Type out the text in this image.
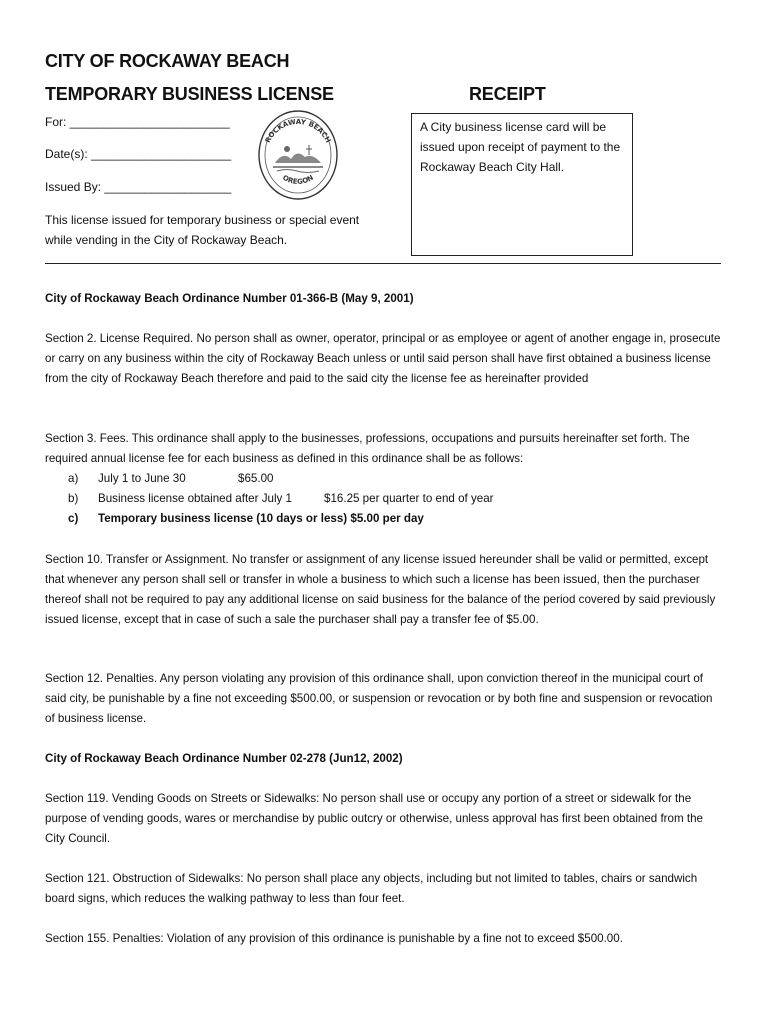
CITY OF ROCKAWAY BEACH
TEMPORARY BUSINESS LICENSE	RECEIPT
For: ________________________
Date(s): _____________________
Issued By: ___________________
ROCKAWAY BEACH
OREGON
A City business license card will be issued upon receipt of payment to the Rockaway Beach City Hall.
This license issued for temporary business or special event
while vending in the City of Rockaway Beach.
City of Rockaway Beach Ordinance Number 01-366-B (May 9, 2001)
Section 2. License Required. No person shall as owner, operator, principal or as employee or agent of another engage in, prosecute or carry on any business within the city of Rockaway Beach unless or until said person shall have first obtained a business license from the city of Rockaway Beach therefore and paid to the said city the license fee as hereinafter provided
Section 3. Fees. This ordinance shall apply to the businesses, professions, occupations and pursuits hereinafter set forth. The required annual license fee for each business as defined in this ordinance shall be as follows:
a) July 1 to June 30	$65.00
b) Business license obtained after July 1	$16.25 per quarter to end of year
c) Temporary business license (10 days or less) $5.00 per day
Section 10. Transfer or Assignment. No transfer or assignment of any license issued hereunder shall be valid or permitted, except that whenever any person shall sell or transfer in whole a business to which such a license has been issued, then the purchaser thereof shall not be required to pay any additional license on said business for the balance of the period covered by said previously issued license, except that in case of such a sale the purchaser shall pay a transfer fee of $5.00.
Section 12. Penalties. Any person violating any provision of this ordinance shall, upon conviction thereof in the municipal court of said city, be punishable by a fine not exceeding $500.00, or suspension or revocation or by both fine and suspension or revocation of business license.
City of Rockaway Beach Ordinance Number 02-278 (Jun12, 2002)
Section 119. Vending Goods on Streets or Sidewalks: No person shall use or occupy any portion of a street or sidewalk for the purpose of vending goods, wares or merchandise by public outcry or otherwise, unless approval has first been obtained from the City Council.
Section 121. Obstruction of Sidewalks: No person shall place any objects, including but not limited to tables, chairs or sandwich board signs, which reduces the walking pathway to less than four feet.
Section 155. Penalties: Violation of any provision of this ordinance is punishable by a fine not to exceed $500.00.
